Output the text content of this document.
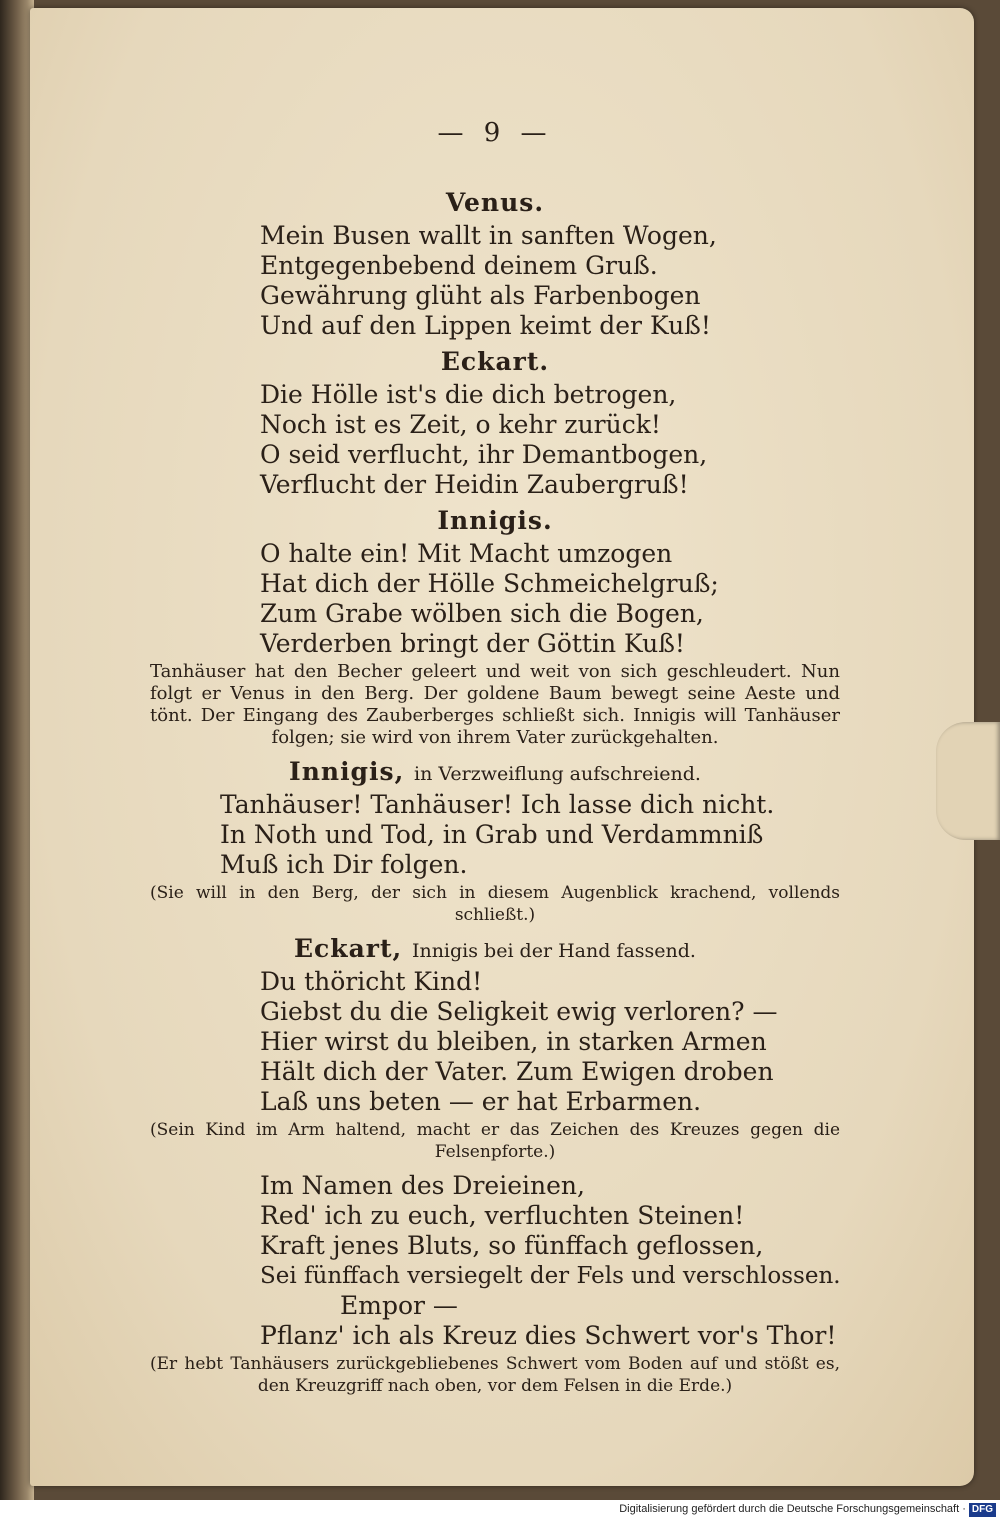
— 9 —
Venus.
Mein Busen wallt in sanften Wogen,
Entgegenbebend deinem Gruß.
Gewährung glüht als Farbenbogen
Und auf den Lippen keimt der Kuß!
Eckart.
Die Hölle ist's die dich betrogen,
Noch ist es Zeit, o kehr zurück!
O seid verflucht, ihr Demantbogen,
Verflucht der Heidin Zaubergruß!
Innigis.
O halte ein! Mit Macht umzogen
Hat dich der Hölle Schmeichelgruß;
Zum Grabe wölben sich die Bogen,
Verderben bringt der Göttin Kuß!
Tanhäuser hat den Becher geleert und weit von sich geschleudert. Nun folgt er Venus in den Berg. Der goldene Baum bewegt seine Aeste und tönt. Der Eingang des Zauberberges schließt sich. Innigis will Tanhäuser folgen; sie wird von ihrem Vater zurückgehalten.
Innigis, in Verzweiflung aufschreiend.
Tanhäuser! Tanhäuser! Ich lasse dich nicht.
In Noth und Tod, in Grab und Verdammniß
Muß ich Dir folgen.
(Sie will in den Berg, der sich in diesem Augenblick krachend, vollends schließt.)
Eckart, Innigis bei der Hand fassend.
Du thöricht Kind!
Giebst du die Seligkeit ewig verloren? —
Hier wirst du bleiben, in starken Armen
Hält dich der Vater. Zum Ewigen droben
Laß uns beten — er hat Erbarmen.
(Sein Kind im Arm haltend, macht er das Zeichen des Kreuzes gegen die Felsenpforte.)
Im Namen des Dreieinen,
Red' ich zu euch, verfluchten Steinen!
Kraft jenes Bluts, so fünffach geflossen,
Sei fünffach versiegelt der Fels und verschlossen.
Empor —
Pflanz' ich als Kreuz dies Schwert vor's Thor!
(Er hebt Tanhäusers zurückgebliebenes Schwert vom Boden auf und stößt es, den Kreuzgriff nach oben, vor dem Felsen in die Erde.)
Digitalisierung gefördert durch die Deutsche Forschungsgemeinschaft · DFG
